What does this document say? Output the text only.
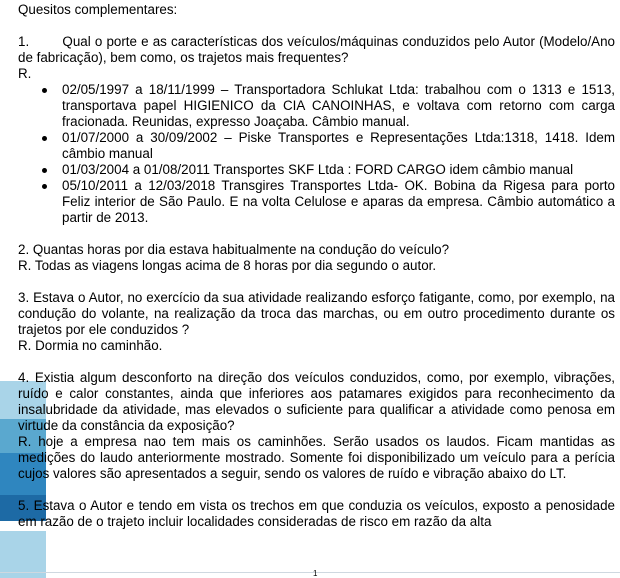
Quesitos complementares:

1. Qual o porte e as características dos veículos/máquinas conduzidos pelo Autor (Modelo/Ano de fabricação), bem como, os trajetos mais frequentes?

R.

02/05/1997 a 18/11/1999 – Transportadora Schlukat Ltda: trabalhou com o 1313 e 1513, transportava papel HIGIENICO da CIA CANOINHAS, e voltava com retorno com carga fracionada. Reunidas, expresso Joaçaba. Câmbio manual.
01/07/2000 a 30/09/2002 – Piske Transportes e Representações Ltda:1318, 1418. Idem câmbio manual
01/03/2004 a 01/08/2011 Transportes SKF Ltda : FORD CARGO idem câmbio manual
05/10/2011 a 12/03/2018 Transgires Transportes Ltda- OK. Bobina da Rigesa para porto Feliz interior de São Paulo. E na volta Celulose e aparas da empresa. Câmbio automático a partir de 2013.

2. Quantas horas por dia estava habitualmente na condução do veículo?

R. Todas as viagens longas acima de 8 horas por dia segundo o autor.

3. Estava o Autor, no exercício da sua atividade realizando esforço fatigante, como, por exemplo, na condução do volante, na realização da troca das marchas, ou em outro procedimento durante os trajetos por ele conduzidos ?

R. Dormia no caminhão.

4. Existia algum desconforto na direção dos veículos conduzidos, como, por exemplo, vibrações, ruído e calor constantes, ainda que inferiores aos patamares exigidos para reconhecimento da insalubridade da atividade, mas elevados o suficiente para qualificar a atividade como penosa em virtude da constância da exposição?

R. hoje a empresa nao tem mais os caminhões. Serão usados os laudos. Ficam mantidas as medições do laudo anteriormente mostrado. Somente foi disponibilizado um veículo para a perícia cujos valores são apresentados a seguir, sendo os valores de ruído e vibração abaixo do LT.

5. Estava o Autor e tendo em vista os trechos em que conduzia os veículos, exposto a penosidade em razão de o trajeto incluir localidades consideradas de risco em razão da alta

1
